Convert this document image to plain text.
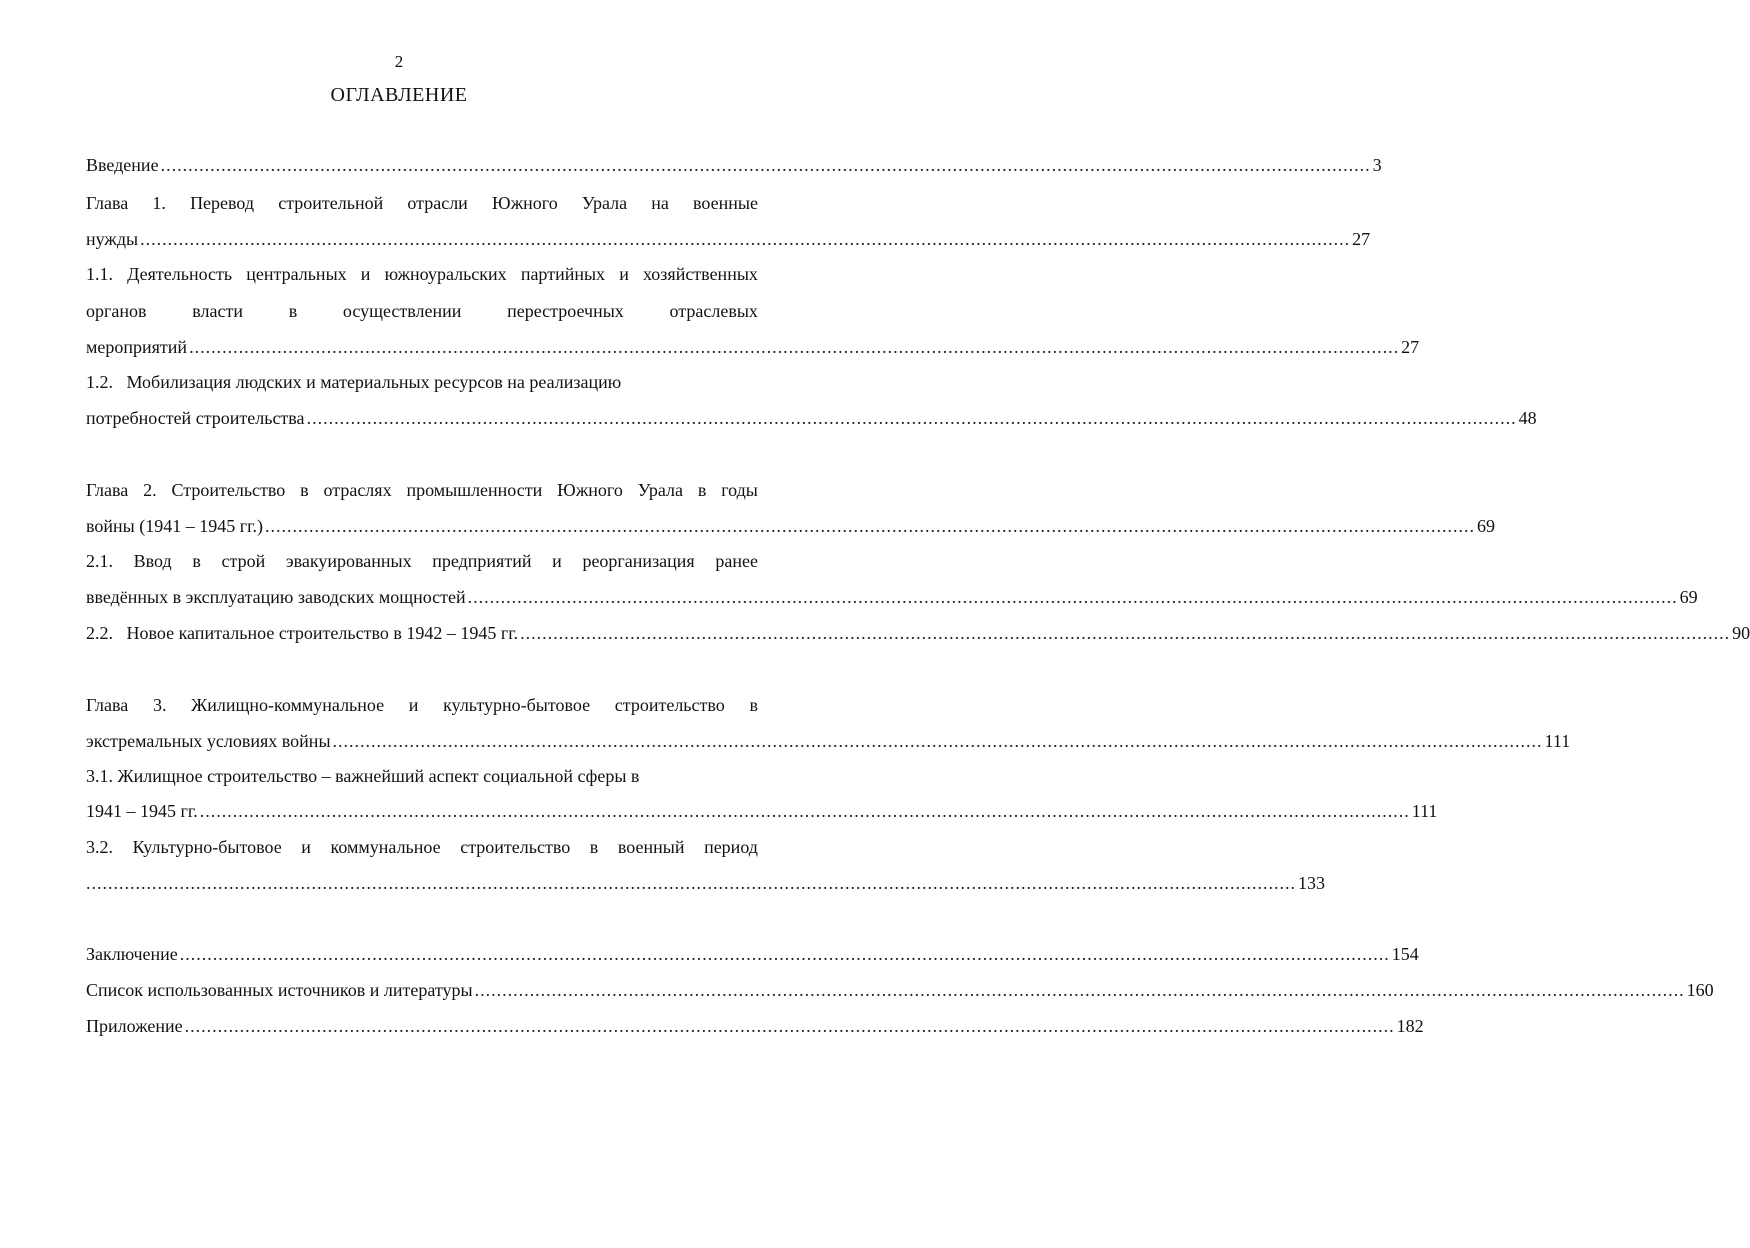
2
ОГЛАВЛЕНИЕ
Введение ............................................................................................................................................................................................................................ 3
Глава 1. Перевод строительной отрасли Южного Урала на военные
нужды ............................................................................................................................................................................................................................ 27
1.1. Деятельность центральных и южноуральских партийных и хозяйственных
органов	власти	в	осуществлении	перестроечных	отраслевых
мероприятий ............................................................................................................................................................................................................................ 27
1.2.   Мобилизация людских и материальных ресурсов на реализацию
потребностей строительства ............................................................................................................................................................................................................................ 48
Глава 2. Строительство в отраслях промышленности Южного Урала в годы
войны (1941 – 1945 гг.) ............................................................................................................................................................................................................................ 69
2.1. Ввод в строй эвакуированных предприятий и реорганизация ранее
введённых в эксплуатацию заводских мощностей ............................................................................................................................................................................................................................ 69
2.2.   Новое капитальное строительство в 1942 – 1945 гг. ............................................................................................................................................................................................................................ 90
Глава 3. Жилищно-коммунальное и культурно-бытовое строительство в
экстремальных условиях войны ............................................................................................................................................................................................................................ 111
3.1. Жилищное строительство – важнейший аспект социальной сферы в
1941 – 1945 гг. ............................................................................................................................................................................................................................ 111
3.2. Культурно-бытовое и коммунальное строительство в военный период
............................................................................................................................................................................................................................ 133
Заключение ............................................................................................................................................................................................................................ 154
Список использованных источников и литературы ............................................................................................................................................................................................................................ 160
Приложение ............................................................................................................................................................................................................................ 182
